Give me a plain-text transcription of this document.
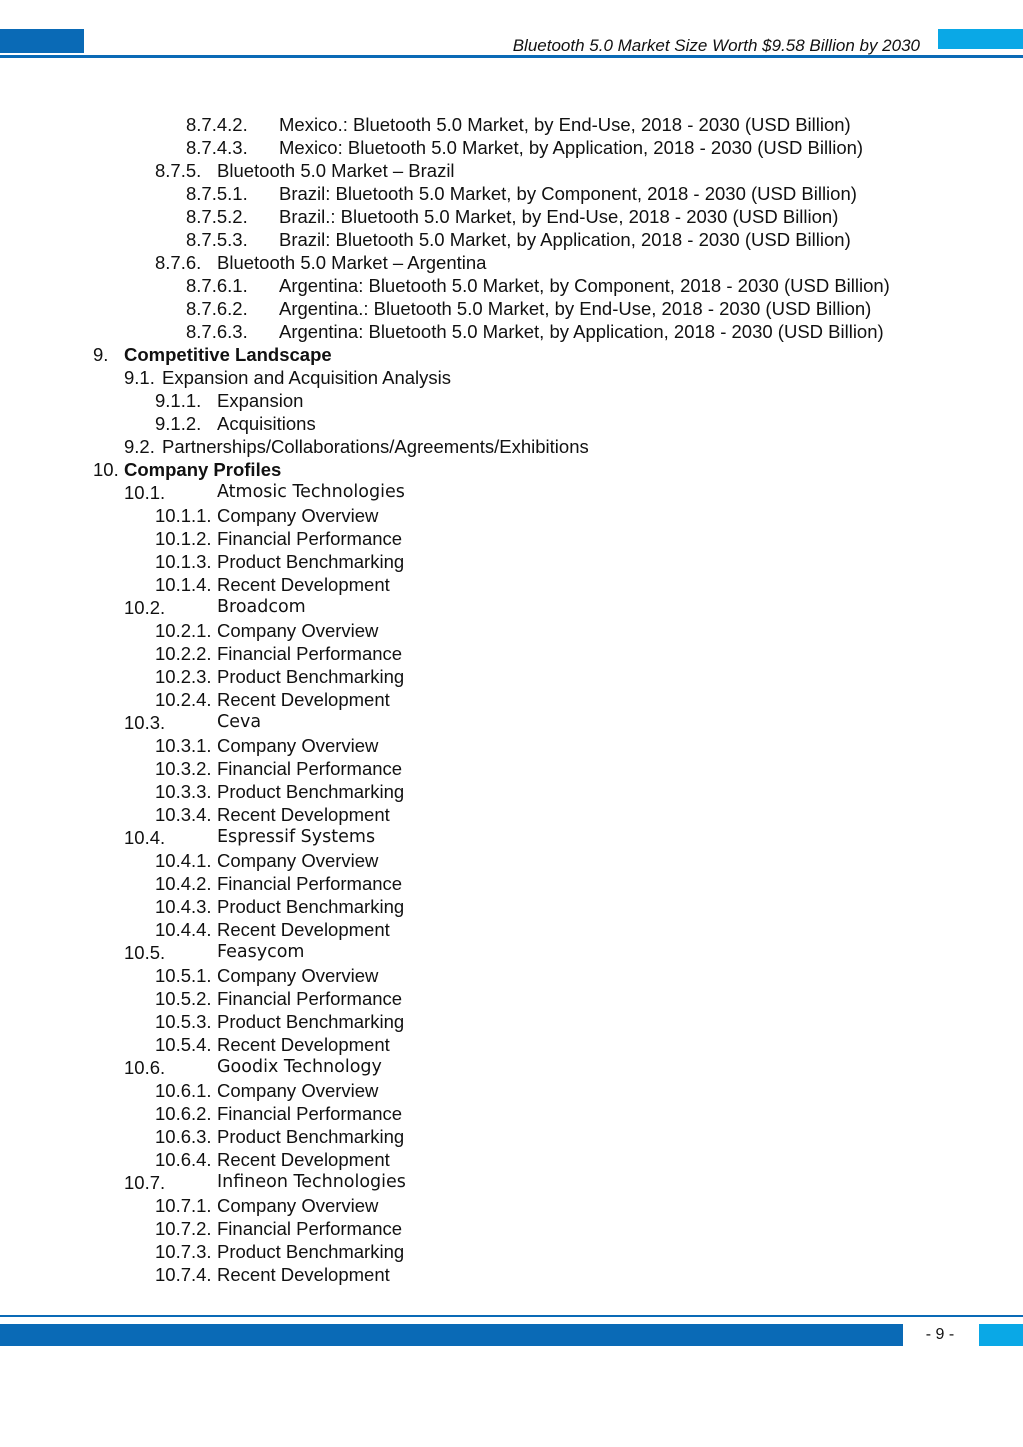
Bluetooth 5.0 Market Size Worth $9.58 Billion by 2030
8.7.4.2. Mexico.: Bluetooth 5.0 Market, by End-Use, 2018 - 2030 (USD Billion)
8.7.4.3. Mexico: Bluetooth 5.0 Market, by Application, 2018 - 2030 (USD Billion)
8.7.5. Bluetooth 5.0 Market – Brazil
8.7.5.1. Brazil: Bluetooth 5.0 Market, by Component, 2018 - 2030 (USD Billion)
8.7.5.2. Brazil.: Bluetooth 5.0 Market, by End-Use, 2018 - 2030 (USD Billion)
8.7.5.3. Brazil: Bluetooth 5.0 Market, by Application, 2018 - 2030 (USD Billion)
8.7.6. Bluetooth 5.0 Market – Argentina
8.7.6.1. Argentina: Bluetooth 5.0 Market, by Component, 2018 - 2030 (USD Billion)
8.7.6.2. Argentina.: Bluetooth 5.0 Market, by End-Use, 2018 - 2030 (USD Billion)
8.7.6.3. Argentina: Bluetooth 5.0 Market, by Application, 2018 - 2030 (USD Billion)
9. Competitive Landscape
9.1. Expansion and Acquisition Analysis
9.1.1. Expansion
9.1.2. Acquisitions
9.2. Partnerships/Collaborations/Agreements/Exhibitions
10. Company Profiles
10.1.	Atmosic Technologies
10.1.1. Company Overview
10.1.2. Financial Performance
10.1.3. Product Benchmarking
10.1.4. Recent Development
10.2.	Broadcom
10.2.1. Company Overview
10.2.2. Financial Performance
10.2.3. Product Benchmarking
10.2.4. Recent Development
10.3.	Ceva
10.3.1. Company Overview
10.3.2. Financial Performance
10.3.3. Product Benchmarking
10.3.4. Recent Development
10.4.	Espressif Systems
10.4.1. Company Overview
10.4.2. Financial Performance
10.4.3. Product Benchmarking
10.4.4. Recent Development
10.5.	Feasycom
10.5.1. Company Overview
10.5.2. Financial Performance
10.5.3. Product Benchmarking
10.5.4. Recent Development
10.6.	Goodix Technology
10.6.1. Company Overview
10.6.2. Financial Performance
10.6.3. Product Benchmarking
10.6.4. Recent Development
10.7.	Infineon Technologies
10.7.1. Company Overview
10.7.2. Financial Performance
10.7.3. Product Benchmarking
10.7.4. Recent Development
- 9 -
